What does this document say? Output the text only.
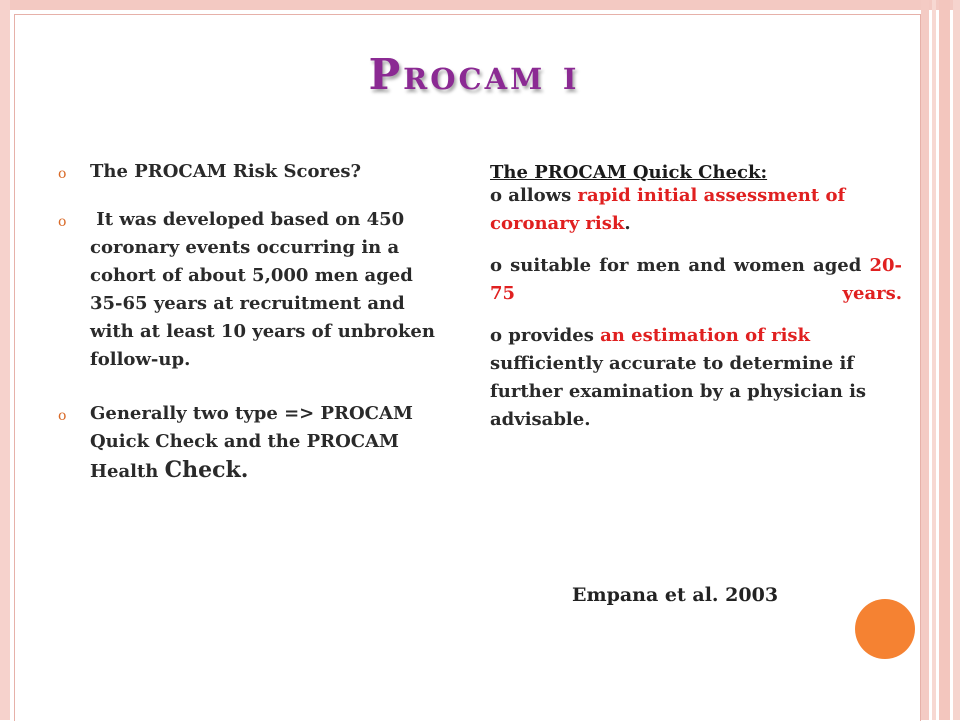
Procam i
o The PROCAM Risk Scores?
o It was developed based on 450 coronary events occurring in a cohort of about 5,000 men aged 35-65 years at recruitment and with at least 10 years of unbroken follow-up.
o Generally two type => PROCAM Quick Check and the PROCAM Health Check.
The PROCAM Quick Check:
o allows rapid initial assessment of coronary risk.
o suitable for men and women aged 20-75 years.
o provides an estimation of risk sufficiently accurate to determine if further examination by a physician is advisable.
Empana et al. 2003
